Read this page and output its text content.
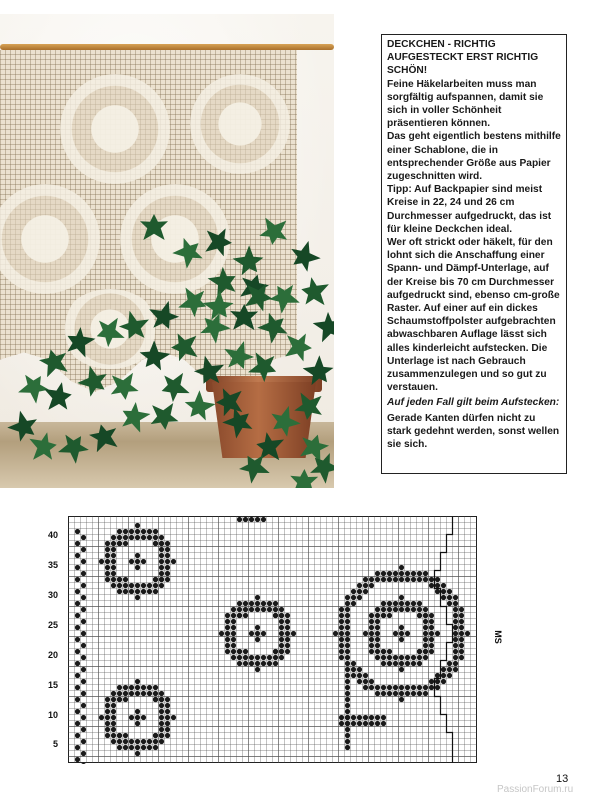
DECKCHEN - RICHTIG AUFGESTECKT ERST RICHTIG SCHÖN!

Feine Häkelarbeiten muss man sorgfältig aufspannen, damit sie sich in voller Schönheit präsentieren können.

Das geht eigentlich bestens mithilfe einer Schablone, die in entsprechender Größe aus Papier zugeschnitten wird.

Tipp: Auf Backpapier sind meist Kreise in 22, 24 und 26 cm Durchmesser aufgedruckt, das ist für kleine Deckchen ideal.

Wer oft strickt oder häkelt, für den lohnt sich die Anschaffung einer Spann- und Dämpf-Unterlage, auf der Kreise bis 70 cm Durchmesser aufgedruckt sind, ebenso cm-große Raster. Auf einer auf ein dickes Schaumstoffpolster aufgebrachten abwaschbaren Auflage lässt sich alles kinderleicht aufstecken. Die Unterlage ist nach Gebrauch zusammenzulegen und so gut zu verstauen.

Auf jeden Fall gilt beim Aufstecken:

Gerade Kanten dürfen nicht zu stark gedehnt werden, sonst wellen sie sich.

40
35
30
25
20
15
10
5
MS
13
PassionForum.ru
